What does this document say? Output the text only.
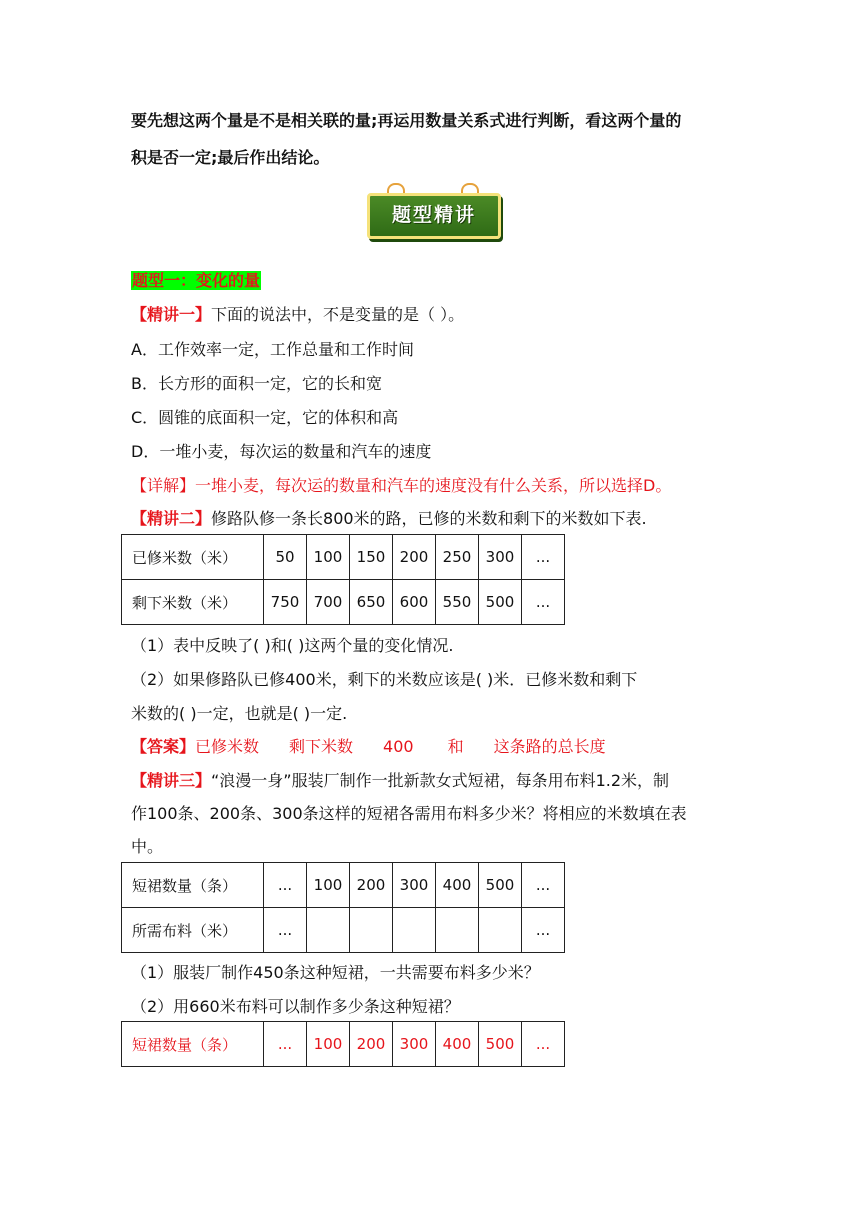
要先想这两个量是不是相关联的量;再运用数量关系式进行判断，看这两个量的
积是否一定;最后作出结论。
题型精讲
题型一：变化的量
【精讲一】下面的说法中，不是变量的是（ ）。
A．工作效率一定，工作总量和工作时间
B．长方形的面积一定，它的长和宽
C．圆锥的底面积一定，它的体积和高
D．一堆小麦，每次运的数量和汽车的速度
【详解】一堆小麦，每次运的数量和汽车的速度没有什么关系，所以选择D。
【精讲二】修路队修一条长800米的路，已修的米数和剩下的米数如下表.
已修米数（米）	50	100	150	200	250	300	...
剩下米数（米）	750	700	650	600	550	500	...
（1）表中反映了( )和( )这两个量的变化情况.
（2）如果修路队已修400米，剩下的米数应该是( )米．已修米数和剩下
米数的( )一定，也就是( )一定.
【答案】已修米数 剩下米数 400 和 这条路的总长度
【精讲三】“浪漫一身”服装厂制作一批新款女式短裙，每条用布料1.2米，制
作100条、200条、300条这样的短裙各需用布料多少米？将相应的米数填在表
中。
短裙数量（条）	...	100	200	300	400	500	...
所需布料（米）	...						...
（1）服装厂制作450条这种短裙，一共需要布料多少米？
（2）用660米布料可以制作多少条这种短裙？
短裙数量（条）	...	100	200	300	400	500	...
